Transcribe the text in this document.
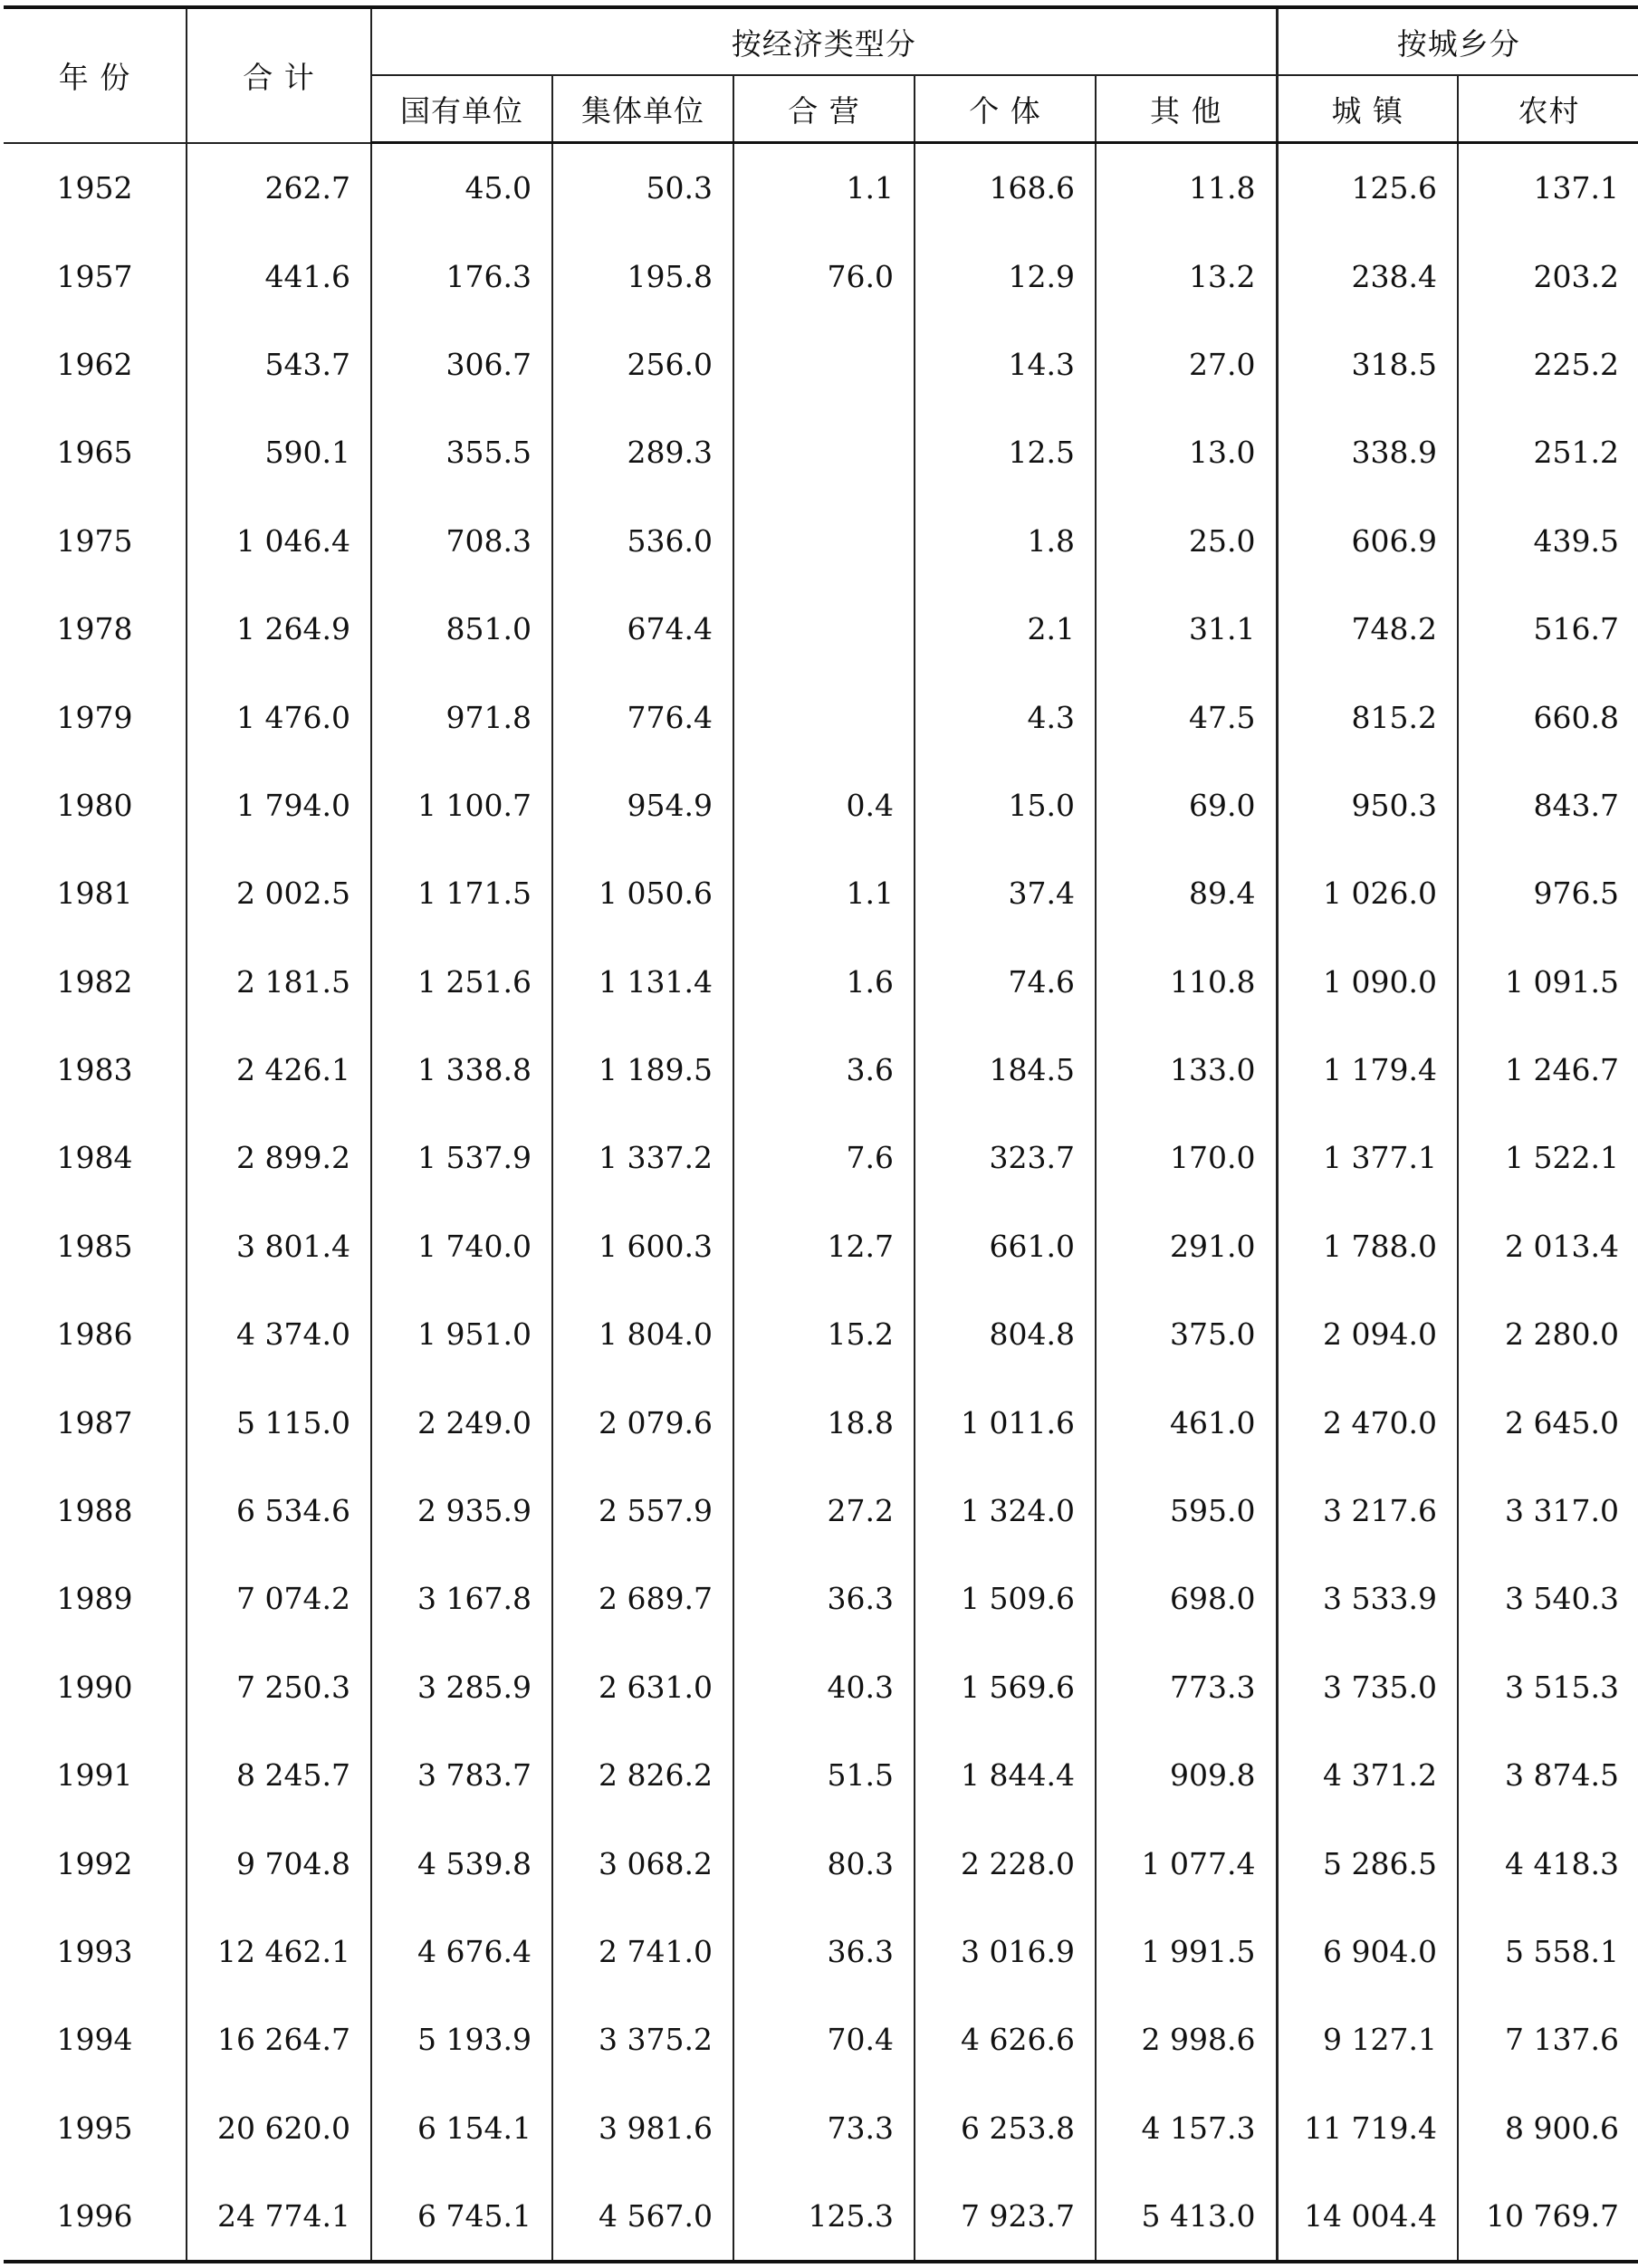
年 份	合 计	按经济类型分					按城乡分	
		国有单位	集体单位	合 营	个 体	其 他	城 镇	农村
1952	262.7	45.0	50.3	1.1	168.6	11.8	125.6	137.1
1957	441.6	176.3	195.8	76.0	12.9	13.2	238.4	203.2
1962	543.7	306.7	256.0		14.3	27.0	318.5	225.2
1965	590.1	355.5	289.3		12.5	13.0	338.9	251.2
1975	1 046.4	708.3	536.0		1.8	25.0	606.9	439.5
1978	1 264.9	851.0	674.4		2.1	31.1	748.2	516.7
1979	1 476.0	971.8	776.4		4.3	47.5	815.2	660.8
1980	1 794.0	1 100.7	954.9	0.4	15.0	69.0	950.3	843.7
1981	2 002.5	1 171.5	1 050.6	1.1	37.4	89.4	1 026.0	976.5
1982	2 181.5	1 251.6	1 131.4	1.6	74.6	110.8	1 090.0	1 091.5
1983	2 426.1	1 338.8	1 189.5	3.6	184.5	133.0	1 179.4	1 246.7
1984	2 899.2	1 537.9	1 337.2	7.6	323.7	170.0	1 377.1	1 522.1
1985	3 801.4	1 740.0	1 600.3	12.7	661.0	291.0	1 788.0	2 013.4
1986	4 374.0	1 951.0	1 804.0	15.2	804.8	375.0	2 094.0	2 280.0
1987	5 115.0	2 249.0	2 079.6	18.8	1 011.6	461.0	2 470.0	2 645.0
1988	6 534.6	2 935.9	2 557.9	27.2	1 324.0	595.0	3 217.6	3 317.0
1989	7 074.2	3 167.8	2 689.7	36.3	1 509.6	698.0	3 533.9	3 540.3
1990	7 250.3	3 285.9	2 631.0	40.3	1 569.6	773.3	3 735.0	3 515.3
1991	8 245.7	3 783.7	2 826.2	51.5	1 844.4	909.8	4 371.2	3 874.5
1992	9 704.8	4 539.8	3 068.2	80.3	2 228.0	1 077.4	5 286.5	4 418.3
1993	12 462.1	4 676.4	2 741.0	36.3	3 016.9	1 991.5	6 904.0	5 558.1
1994	16 264.7	5 193.9	3 375.2	70.4	4 626.6	2 998.6	9 127.1	7 137.6
1995	20 620.0	6 154.1	3 981.6	73.3	6 253.8	4 157.3	11 719.4	8 900.6
1996	24 774.1	6 745.1	4 567.0	125.3	7 923.7	5 413.0	14 004.4	10 769.7
